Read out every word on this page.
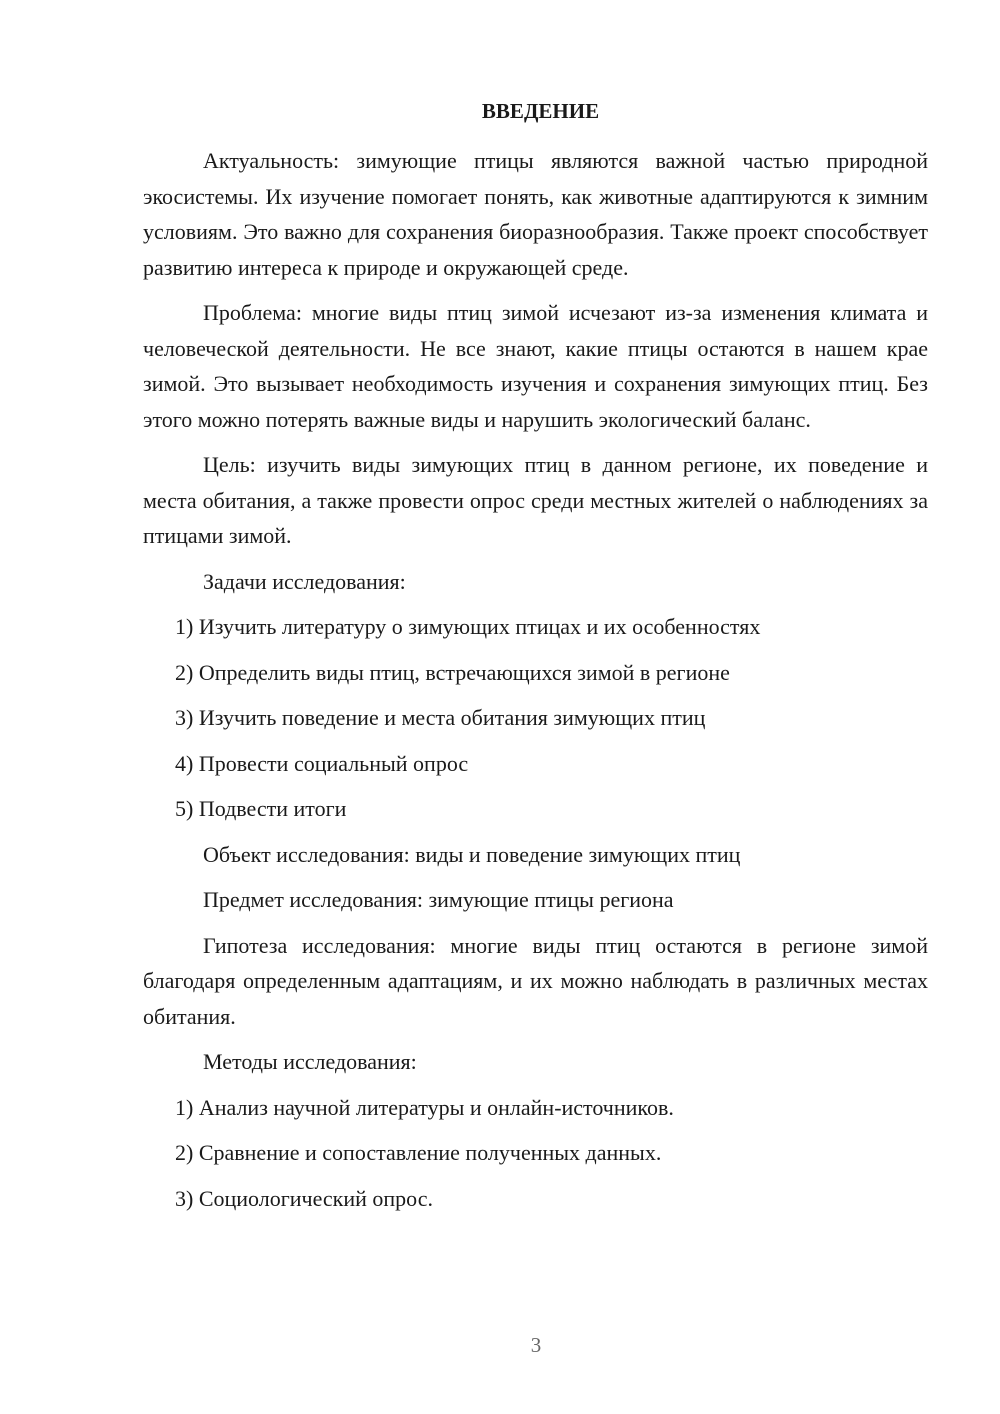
ВВЕДЕНИЕ

Актуальность: зимующие птицы являются важной частью природной экосистемы. Их изучение помогает понять, как животные адаптируются к зимним условиям. Это важно для сохранения биоразнообразия. Также проект способствует развитию интереса к природе и окружающей среде.

Проблема: многие виды птиц зимой исчезают из-за изменения климата и человеческой деятельности. Не все знают, какие птицы остаются в нашем крае зимой. Это вызывает необходимость изучения и сохранения зимующих птиц. Без этого можно потерять важные виды и нарушить экологический баланс.

Цель: изучить виды зимующих птиц в данном регионе, их поведение и места обитания, а также провести опрос среди местных жителей о наблюдениях за птицами зимой.

Задачи исследования:

1) Изучить литературу о зимующих птицах и их особенностях
2) Определить виды птиц, встречающихся зимой в регионе
3) Изучить поведение и места обитания зимующих птиц
4) Провести социальный опрос
5) Подвести итоги

Объект исследования: виды и поведение зимующих птиц

Предмет исследования: зимующие птицы региона

Гипотеза исследования: многие виды птиц остаются в регионе зимой благодаря определенным адаптациям, и их можно наблюдать в различных местах обитания.

Методы исследования:

1) Анализ научной литературы и онлайн-источников.
2) Сравнение и сопоставление полученных данных.
3) Социологический опрос.
3
